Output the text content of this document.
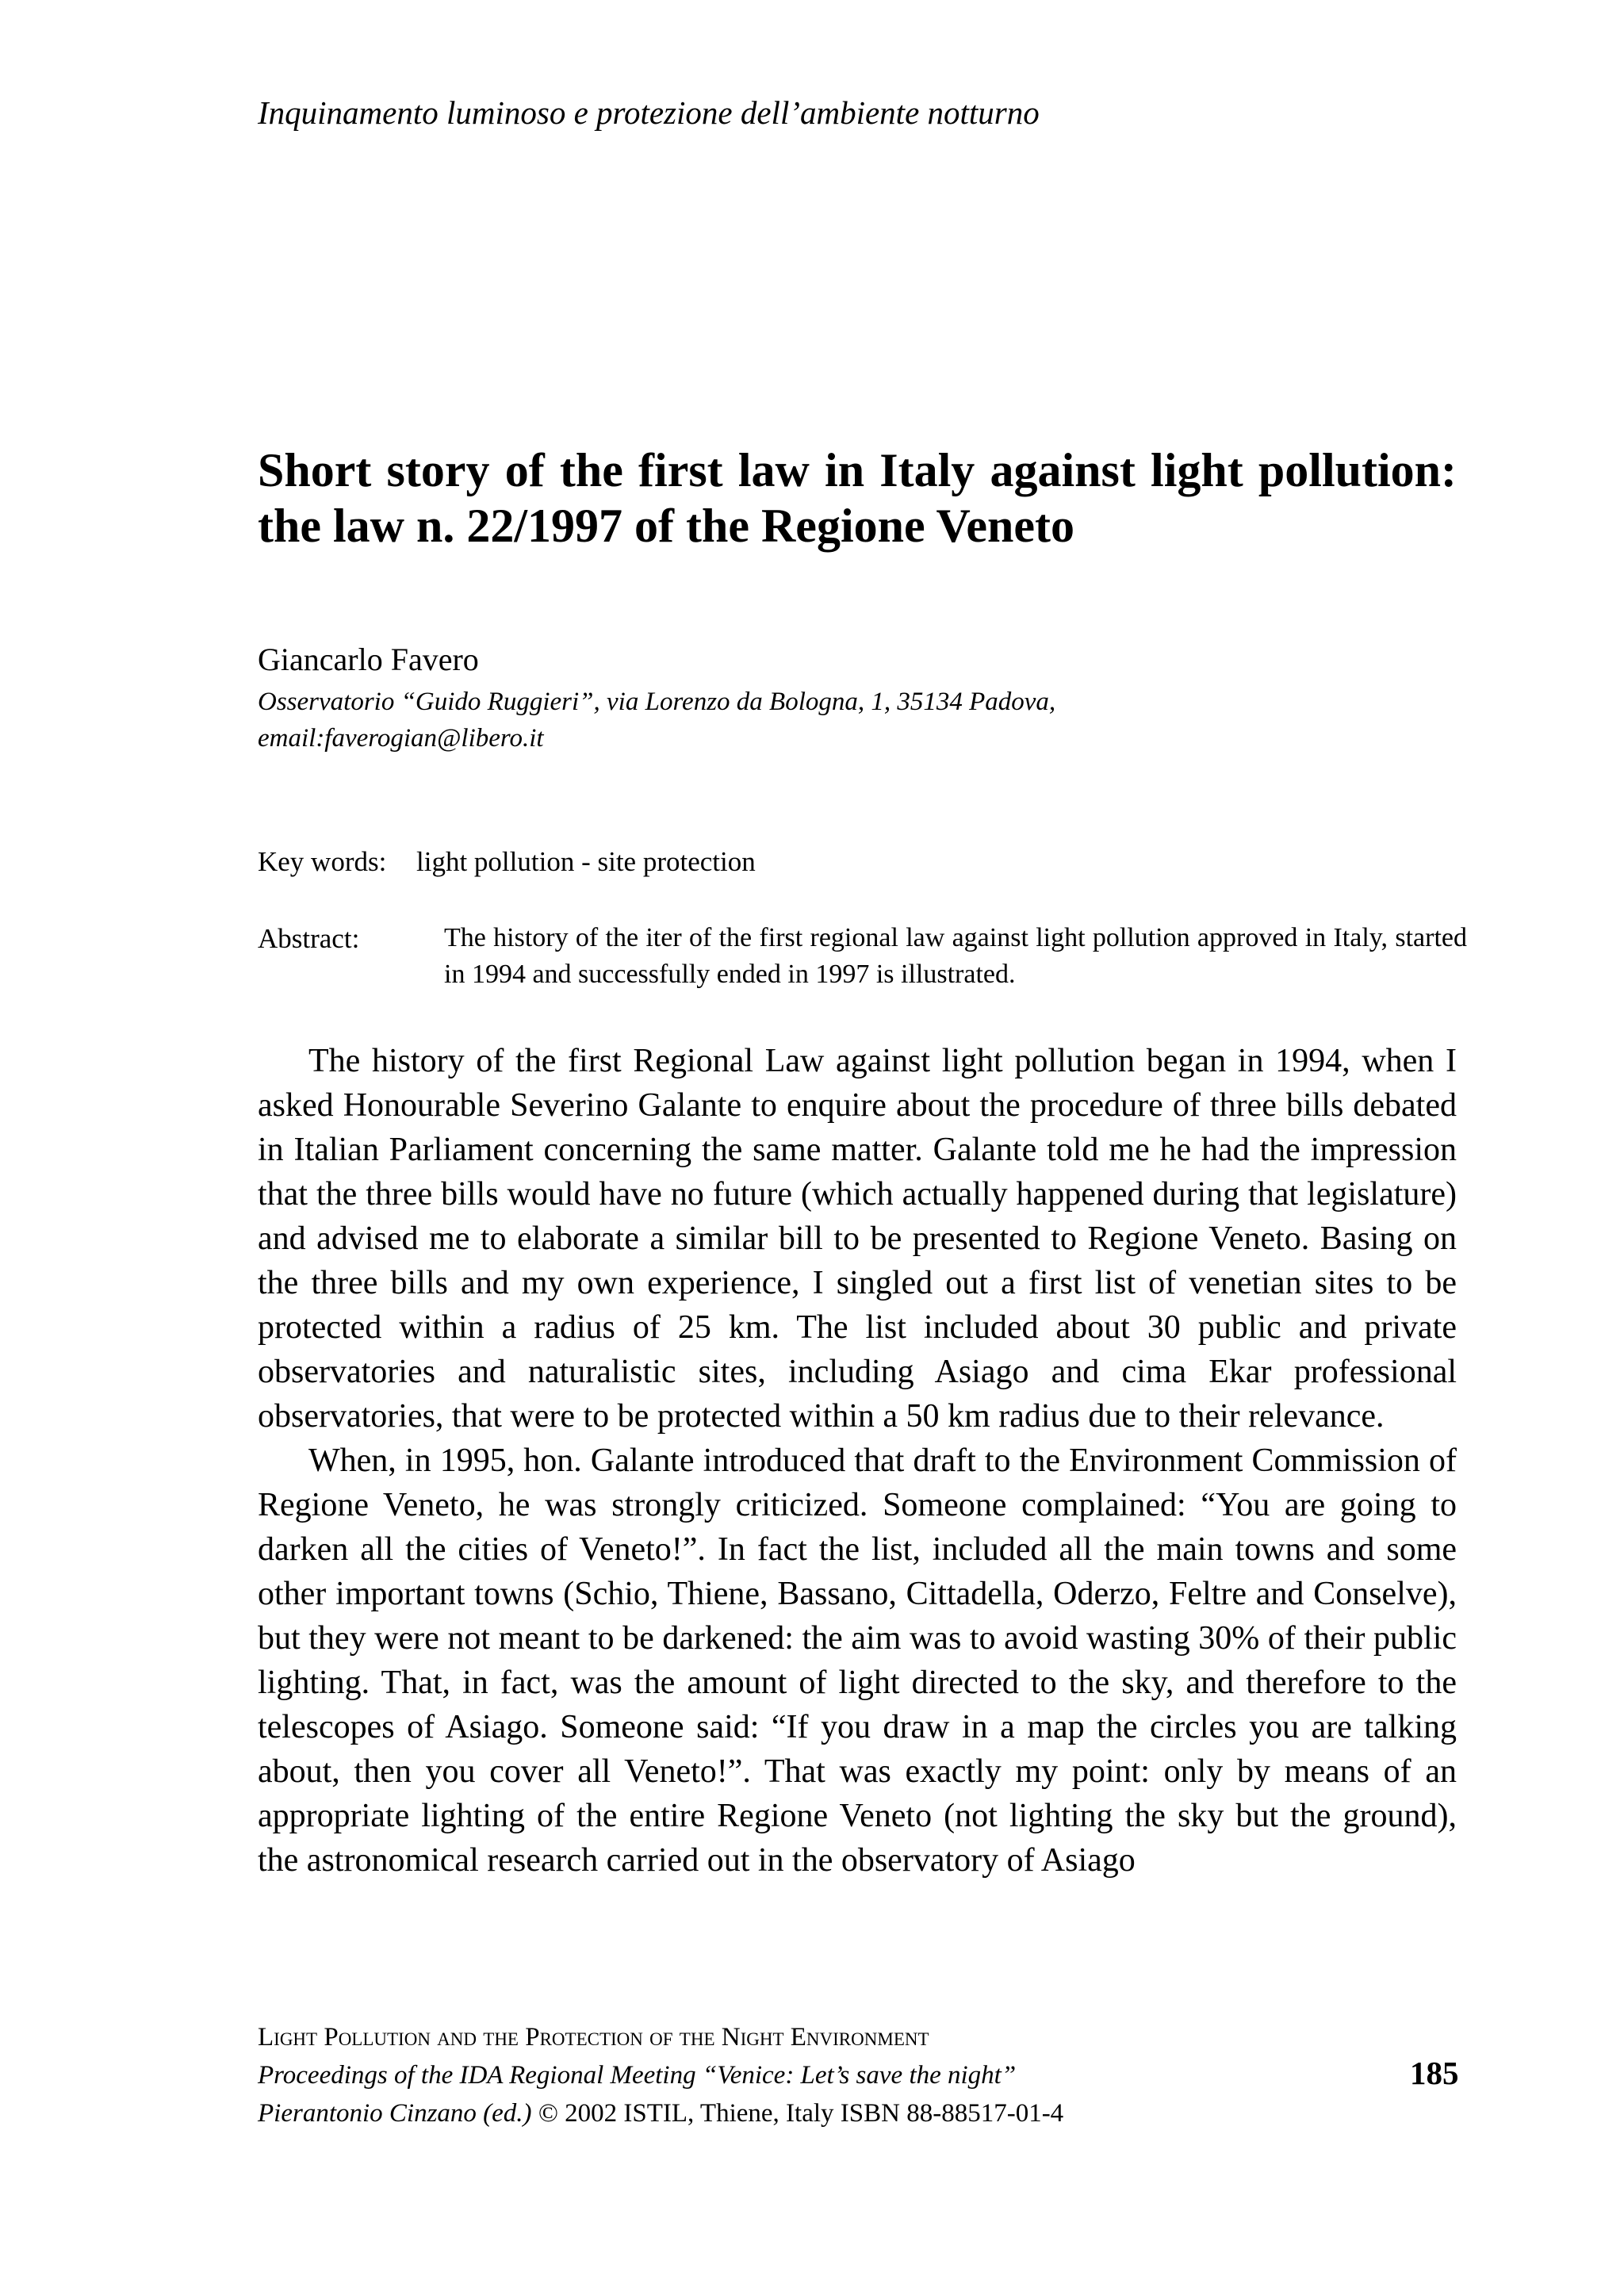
Inquinamento luminoso e protezione dell’ambiente notturno
Short story of the first law in Italy against light pollution: the law n. 22/1997 of the Regione Veneto
Giancarlo Favero
Osservatorio “Guido Ruggieri”, via Lorenzo da Bologna, 1, 35134 Padova,
email:faverogian@libero.it
Key words: light pollution - site protection
Abstract:	The history of the iter of the first regional law against light pollution approved in Italy, started in 1994 and successfully ended in 1997 is illustrated.

The history of the first Regional Law against light pollution began in 1994, when I asked Honourable Severino Galante to enquire about the procedure of three bills debated in Italian Parliament concerning the same matter. Galante told me he had the impression that the three bills would have no future (which actually happened during that legislature) and advised me to elaborate a similar bill to be presented to Regione Veneto. Basing on the three bills and my own experience, I singled out a first list of venetian sites to be protected within a radius of 25 km. The list included about 30 public and private observatories and naturalistic sites, including Asiago and cima Ekar professional observatories, that were to be protected within a 50 km radius due to their relevance.

When, in 1995, hon. Galante introduced that draft to the Environment Commission of Regione Veneto, he was strongly criticized. Someone complained: “You are going to darken all the cities of Veneto!”. In fact the list, included all the main towns and some other important towns (Schio, Thiene, Bassano, Cittadella, Oderzo, Feltre and Conselve), but they were not meant to be darkened: the aim was to avoid wasting 30% of their public lighting. That, in fact, was the amount of light directed to the sky, and therefore to the telescopes of Asiago. Someone said: “If you draw in a map the circles you are talking about, then you cover all Veneto!”. That was exactly my point: only by means of an appropriate lighting of the entire Regione Veneto (not lighting the sky but the ground), the astronomical research carried out in the observatory of Asiago

Light Pollution and the Protection of the Night Environment
Proceedings of the IDA Regional Meeting “Venice: Let’s save the night”
Pierantonio Cinzano (ed.) © 2002 ISTIL, Thiene, Italy ISBN 88-88517-01-4
185
